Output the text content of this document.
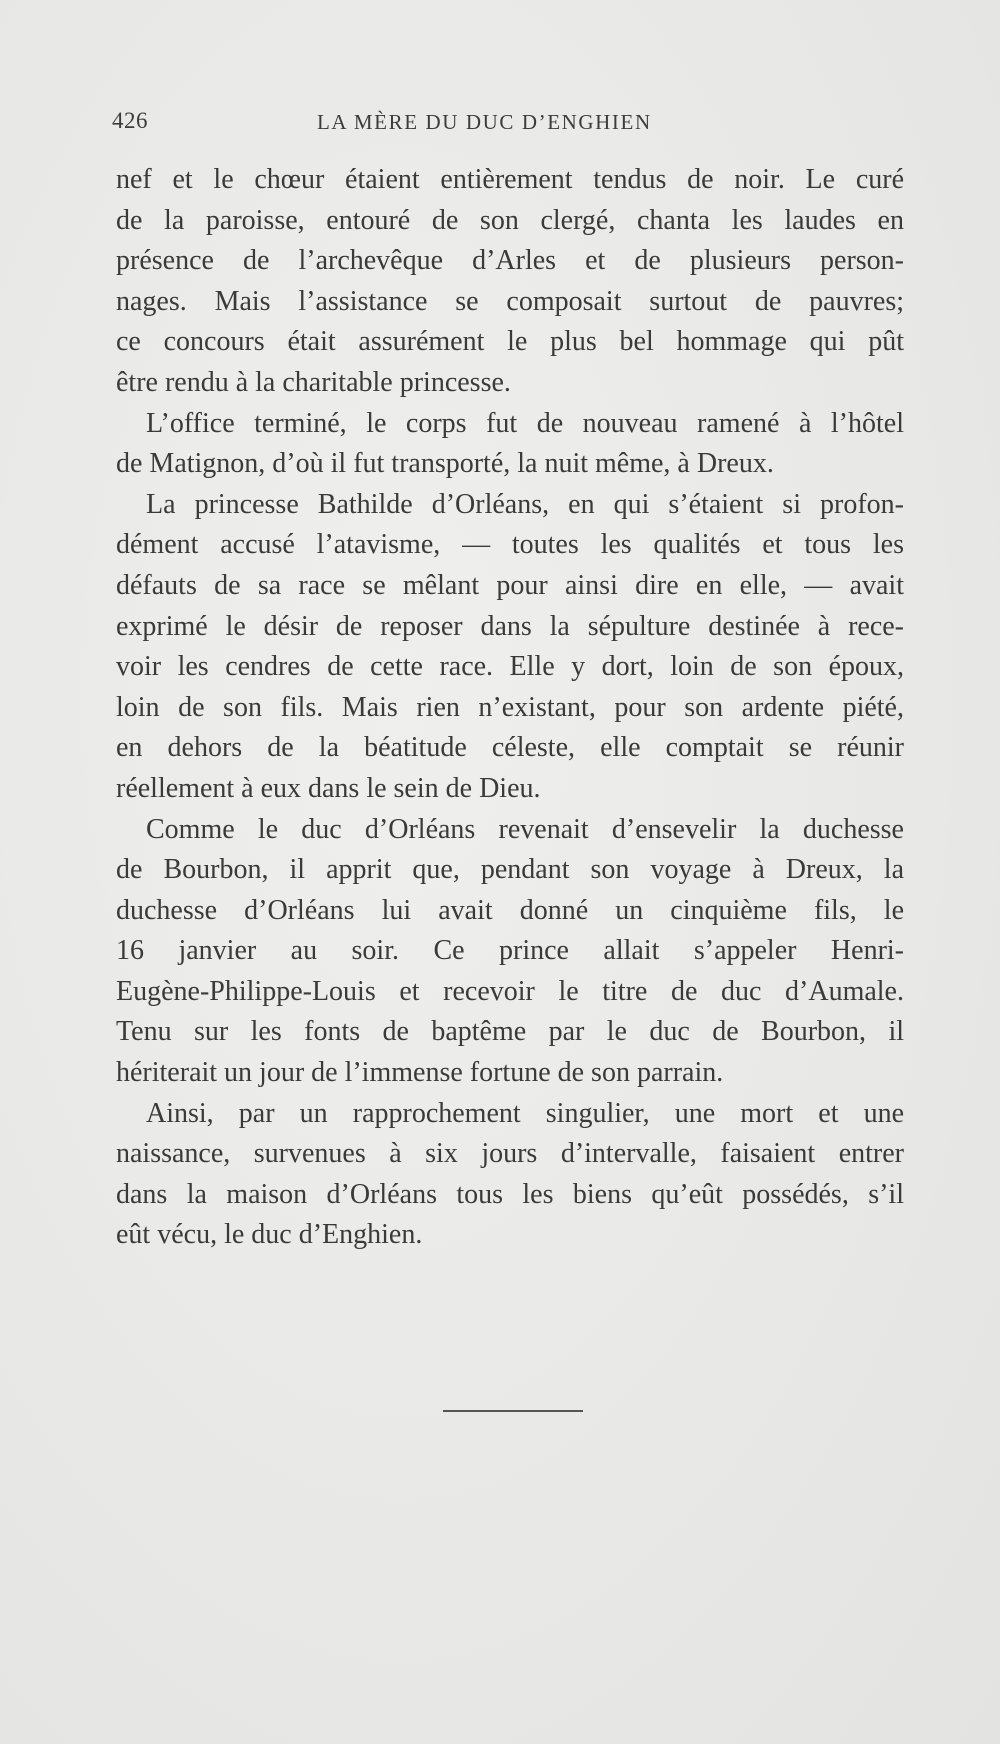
426	LA MÈRE DU DUC D’ENGHIEN
nef et le chœur étaient entièrement tendus de noir. Le curé
de la paroisse, entouré de son clergé, chanta les laudes en
présence de l’archevêque d’Arles et de plusieurs person-
nages. Mais l’assistance se composait surtout de pauvres;
ce concours était assurément le plus bel hommage qui pût
être rendu à la charitable princesse.
L’office terminé, le corps fut de nouveau ramené à l’hôtel
de Matignon, d’où il fut transporté, la nuit même, à Dreux.
La princesse Bathilde d’Orléans, en qui s’étaient si profon-
dément accusé l’atavisme, — toutes les qualités et tous les
défauts de sa race se mêlant pour ainsi dire en elle, — avait
exprimé le désir de reposer dans la sépulture destinée à rece-
voir les cendres de cette race. Elle y dort, loin de son époux,
loin de son fils. Mais rien n’existant, pour son ardente piété,
en dehors de la béatitude céleste, elle comptait se réunir
réellement à eux dans le sein de Dieu.
Comme le duc d’Orléans revenait d’ensevelir la duchesse
de Bourbon, il apprit que, pendant son voyage à Dreux, la
duchesse d’Orléans lui avait donné un cinquième fils, le
16 janvier au soir. Ce prince allait s’appeler Henri-
Eugène-Philippe-Louis et recevoir le titre de duc d’Aumale.
Tenu sur les fonts de baptême par le duc de Bourbon, il
hériterait un jour de l’immense fortune de son parrain.
Ainsi, par un rapprochement singulier, une mort et une
naissance, survenues à six jours d’intervalle, faisaient entrer
dans la maison d’Orléans tous les biens qu’eût possédés, s’il
eût vécu, le duc d’Enghien.
